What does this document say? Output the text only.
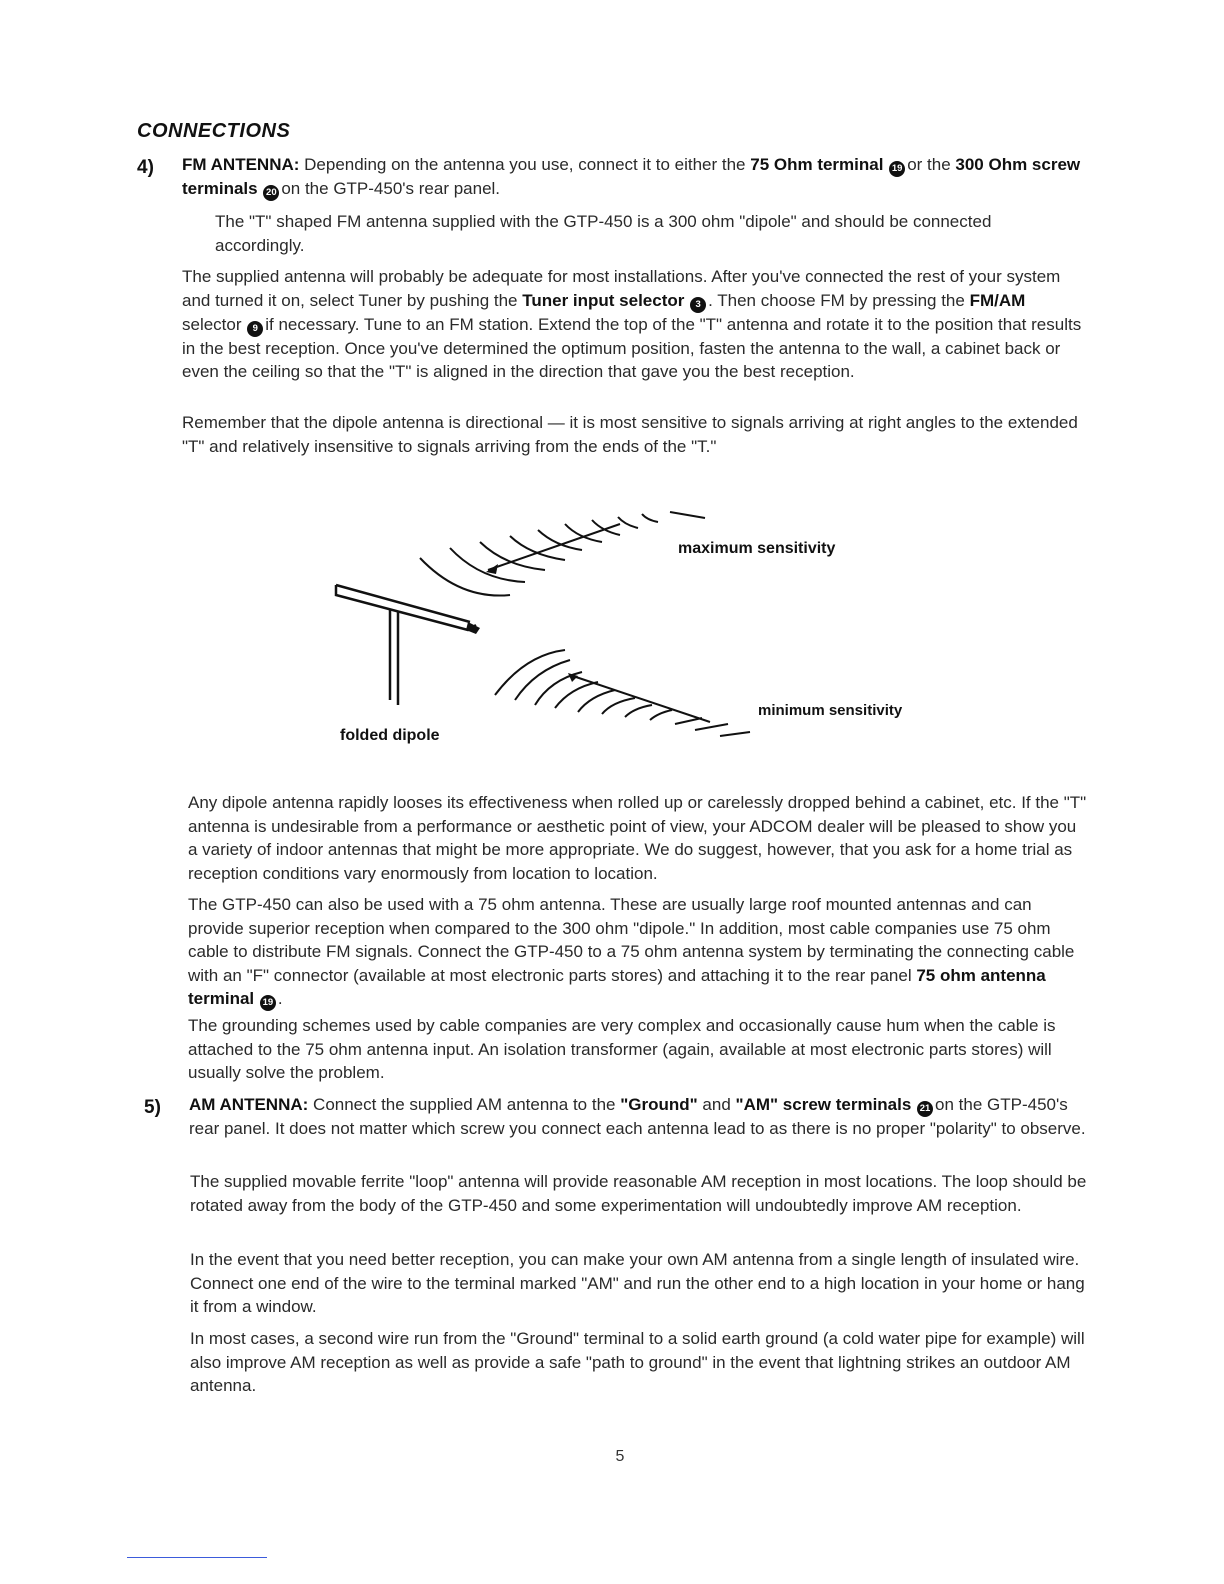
CONNECTIONS
4) FM ANTENNA: Depending on the antenna you use, connect it to either the 75 Ohm terminal 19 or the 300 Ohm screw terminals 20 on the GTP-450's rear panel.
The "T" shaped FM antenna supplied with the GTP-450 is a 300 ohm "dipole" and should be connected accordingly.
The supplied antenna will probably be adequate for most installations. After you've connected the rest of your system and turned it on, select Tuner by pushing the Tuner input selector 3 . Then choose FM by pressing the FM/AM selector 9 if necessary. Tune to an FM station. Extend the top of the "T" antenna and rotate it to the position that results in the best reception. Once you've determined the optimum position, fasten the antenna to the wall, a cabinet back or even the ceiling so that the "T" is aligned in the direction that gave you the best reception.
Remember that the dipole antenna is directional — it is most sensitive to signals arriving at right angles to the extended "T" and relatively insensitive to signals arriving from the ends of the "T."
maximum sensitivity
minimum sensitivity
folded dipole
Any dipole antenna rapidly looses its effectiveness when rolled up or carelessly dropped behind a cabinet, etc. If the "T" antenna is undesirable from a performance or aesthetic point of view, your ADCOM dealer will be pleased to show you a variety of indoor antennas that might be more appropriate. We do suggest, however, that you ask for a home trial as reception conditions vary enormously from location to location.
The GTP-450 can also be used with a 75 ohm antenna. These are usually large roof mounted antennas and can provide superior reception when compared to the 300 ohm "dipole." In addition, most cable companies use 75 ohm cable to distribute FM signals. Connect the GTP-450 to a 75 ohm antenna system by terminating the connecting cable with an "F" connector (available at most electronic parts stores) and attaching it to the rear panel 75 ohm antenna terminal 19 .
The grounding schemes used by cable companies are very complex and occasionally cause hum when the cable is attached to the 75 ohm antenna input. An isolation transformer (again, available at most electronic parts stores) will usually solve the problem.
5) AM ANTENNA: Connect the supplied AM antenna to the "Ground" and "AM" screw terminals 21 on the GTP-450's rear panel. It does not matter which screw you connect each antenna lead to as there is no proper "polarity" to observe.
The supplied movable ferrite "loop" antenna will provide reasonable AM reception in most locations. The loop should be rotated away from the body of the GTP-450 and some experimentation will undoubtedly improve AM reception.
In the event that you need better reception, you can make your own AM antenna from a single length of insulated wire. Connect one end of the wire to the terminal marked "AM" and run the other end to a high location in your home or hang it from a window.
In most cases, a second wire run from the "Ground" terminal to a solid earth ground (a cold water pipe for example) will also improve AM reception as well as provide a safe "path to ground" in the event that lightning strikes an outdoor AM antenna.
5
